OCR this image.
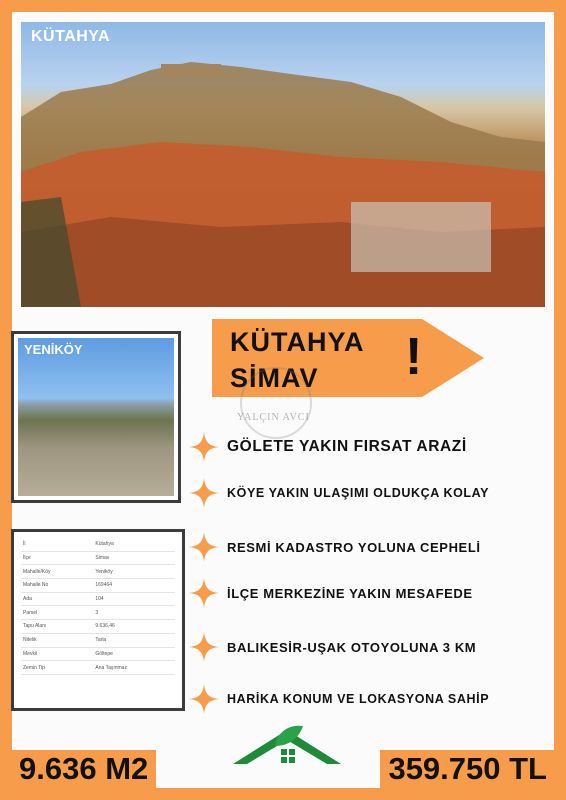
KÜTAHYA
YENİKÖY
İl	Kütahya
İlçe	Simav
Mahalle/Köy	Yeniköy
Mahalle No	169464
Ada	104
Parsel	3
Tapu Alanı	9.636,46
Nitelik	Tarla
Mevkii	Göltepe
Zemin Tip	Ana Taşınmaz
KÜTAHYA
SİMAV !
YALÇIN AVCI
GÖLETE YAKIN FIRSAT ARAZİ
KÖYE YAKIN ULAŞIMI OLDUKÇA KOLAY
RESMİ KADASTRO YOLUNA CEPHELİ
İLÇE MERKEZİNE YAKIN MESAFEDE
BALIKESİR-UŞAK OTOYOLUNA 3 KM
HARİKA KONUM VE LOKASYONA SAHİP
9.636 M2	359.750 TL
